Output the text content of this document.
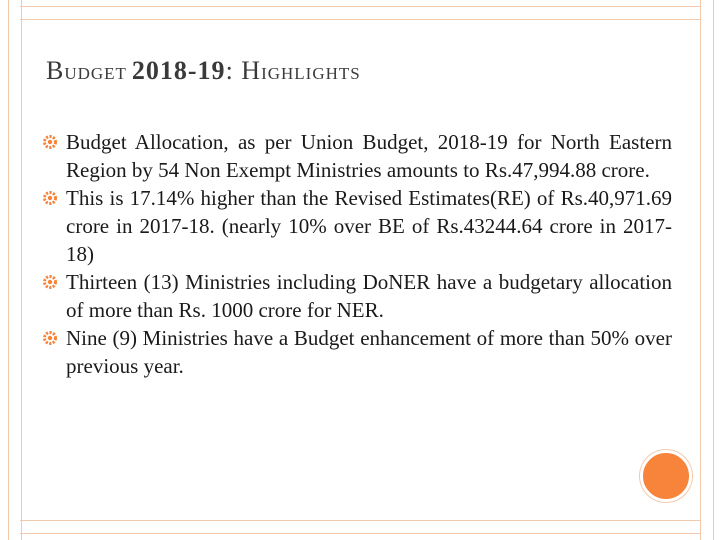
BUDGET 2018-19: HIGHLIGHTS
Budget Allocation, as per Union Budget, 2018-19 for North Eastern Region by 54 Non Exempt Ministries amounts to Rs.47,994.88 crore.
This is 17.14% higher than the Revised Estimates(RE) of Rs.40,971.69 crore in 2017-18. (nearly 10% over BE of Rs.43244.64 crore in 2017-18)
Thirteen (13) Ministries including DoNER have a budgetary allocation of more than Rs. 1000 crore for NER.
Nine (9) Ministries have a Budget enhancement of more than 50% over previous year.
